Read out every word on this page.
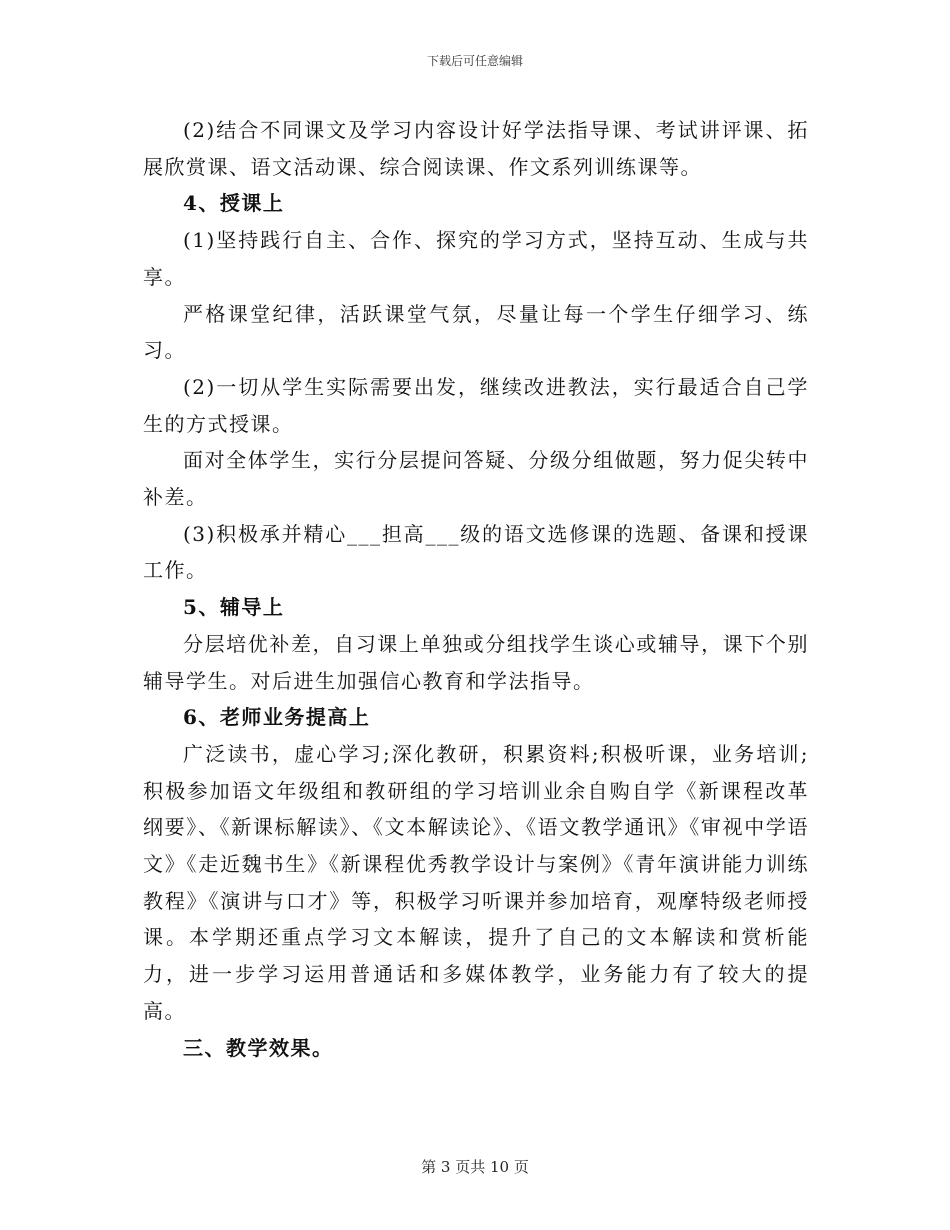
下载后可任意编辑

(2)结合不同课文及学习内容设计好学法指导课、考试讲评课、拓展欣赏课、语文活动课、综合阅读课、作文系列训练课等。

4、授课上

(1)坚持践行自主、合作、探究的学习方式，坚持互动、生成与共享。

严格课堂纪律，活跃课堂气氛，尽量让每一个学生仔细学习、练习。

(2)一切从学生实际需要出发，继续改进教法，实行最适合自己学生的方式授课。

面对全体学生，实行分层提问答疑、分级分组做题，努力促尖转中补差。

(3)积极承并精心___担高___级的语文选修课的选题、备课和授课工作。

5、辅导上

分层培优补差，自习课上单独或分组找学生谈心或辅导，课下个别辅导学生。对后进生加强信心教育和学法指导。

6、老师业务提高上

广泛读书，虚心学习;深化教研，积累资料;积极听课，业务培训;积极参加语文年级组和教研组的学习培训业余自购自学《新课程改革纲要》、《新课标解读》、《文本解读论》、《语文教学通讯》《审视中学语文》《走近魏书生》《新课程优秀教学设计与案例》《青年演讲能力训练教程》《演讲与口才》等，积极学习听课并参加培育，观摩特级老师授课。本学期还重点学习文本解读，提升了自己的文本解读和赏析能力，进一步学习运用普通话和多媒体教学，业务能力有了较大的提高。

三、教学效果。

第 3 页共 10 页
